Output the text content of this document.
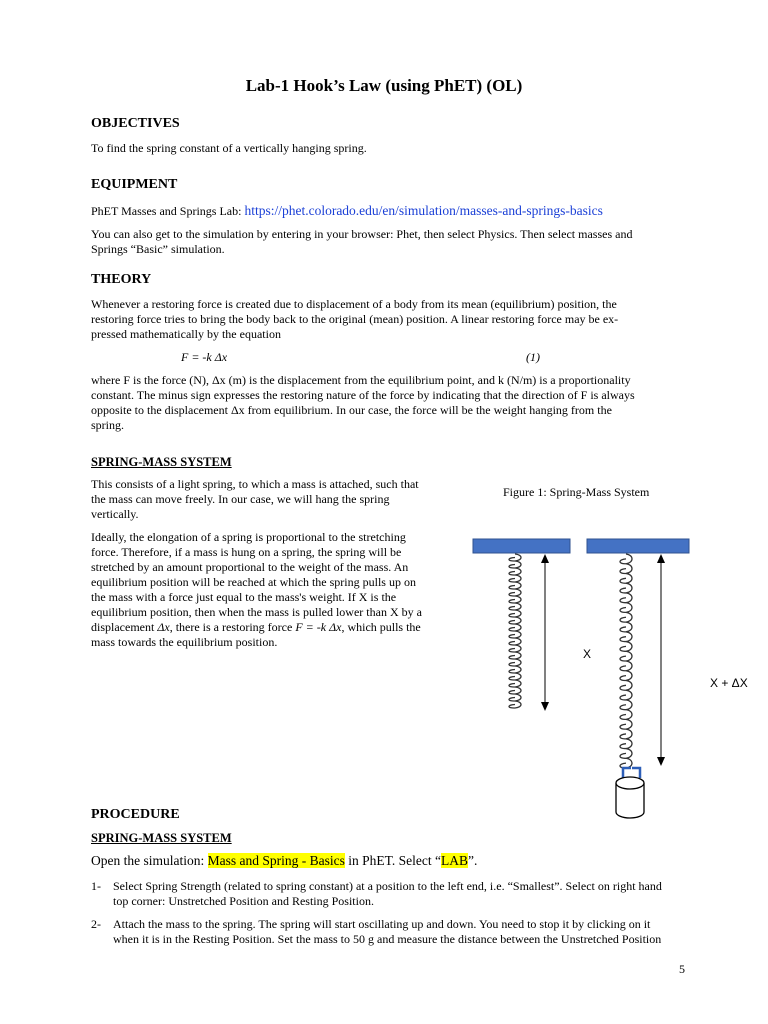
Lab-1 Hook’s Law (using PhET) (OL)
OBJECTIVES
To find the spring constant of a vertically hanging spring.
EQUIPMENT
PhET Masses and Springs Lab: https://phet.colorado.edu/en/simulation/masses-and-springs-basics
You can also get to the simulation by entering in your browser: Phet, then select Physics. Then select masses and
Springs “Basic” simulation.
THEORY
Whenever a restoring force is created due to displacement of a body from its mean (equilibrium) position, the
restoring force tries to bring the body back to the original (mean) position. A linear restoring force may be ex-
pressed mathematically by the equation
F = -k Δx	(1)
where F is the force (N), Δx (m) is the displacement from the equilibrium point, and k (N/m) is a proportionality
constant. The minus sign expresses the restoring nature of the force by indicating that the direction of F is always
opposite to the displacement Δx from equilibrium. In our case, the force will be the weight hanging from the
spring.
SPRING-MASS SYSTEM
This consists of a light spring, to which a mass is attached, such that
the mass can move freely. In our case, we will hang the spring
vertically.
Ideally, the elongation of a spring is proportional to the stretching
force. Therefore, if a mass is hung on a spring, the spring will be
stretched by an amount proportional to the weight of the mass. An
equilibrium position will be reached at which the spring pulls up on
the mass with a force just equal to the mass's weight. If X is the
equilibrium position, then when the mass is pulled lower than X by a
displacement Δx, there is a restoring force F = -k Δx, which pulls the
mass towards the equilibrium position.
Figure 1: Spring-Mass System
X
X + ΔX
PROCEDURE
SPRING-MASS SYSTEM
Open the simulation: Mass and Spring - Basics in PhET. Select “LAB”.
1- Select Spring Strength (related to spring constant) at a position to the left end, i.e. “Smallest”. Select on right hand
top corner: Unstretched Position and Resting Position.
2- Attach the mass to the spring. The spring will start oscillating up and down. You need to stop it by clicking on it
when it is in the Resting Position. Set the mass to 50 g and measure the distance between the Unstretched Position
5
